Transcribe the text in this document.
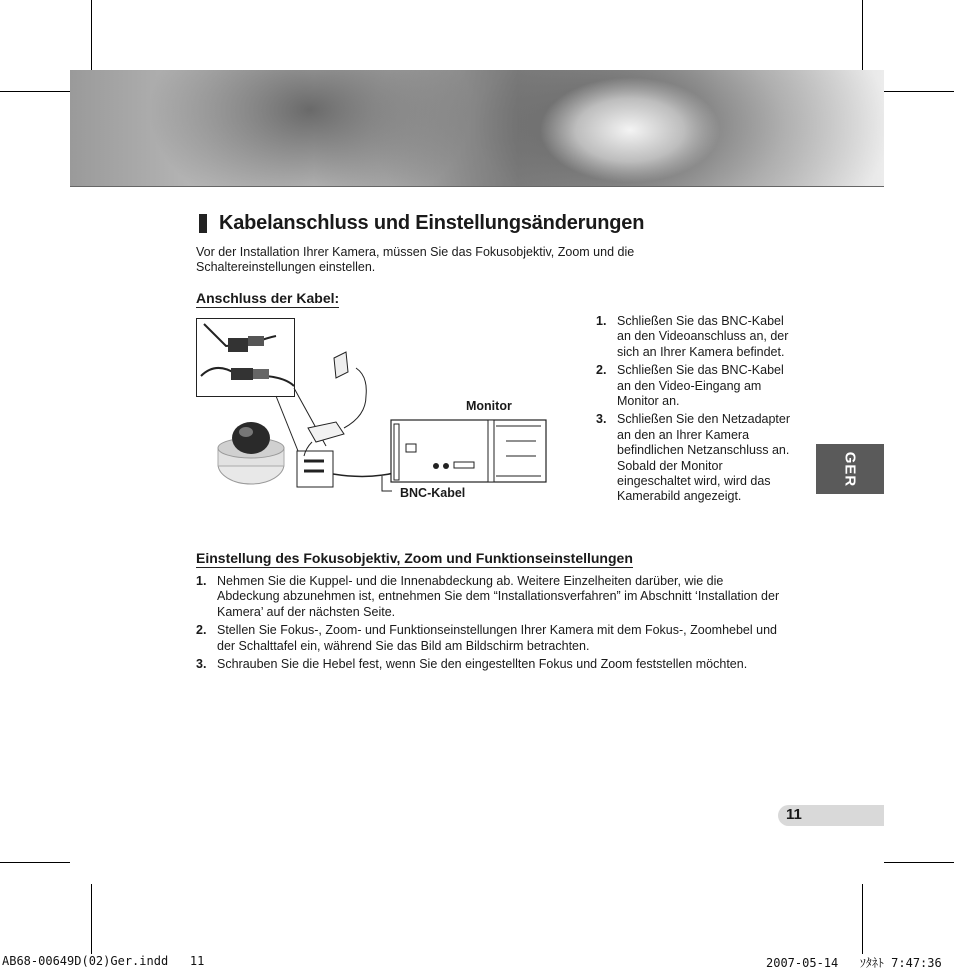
Kabelanschluss und Einstellungsänderungen
Vor der Installation Ihrer Kamera, müssen Sie das Fokusobjektiv, Zoom und die Schaltereinstellungen einstellen.
Anschluss der Kabel:
Monitor
BNC-Kabel
1. Schließen Sie das BNC-Kabel an den Videoanschluss an, der sich an Ihrer Kamera befindet.
2. Schließen Sie das BNC-Kabel an den Video-Eingang am Monitor an.
3. Schließen Sie den Netzadapter an den an Ihrer Kamera befindlichen Netzanschluss an. Sobald der Monitor eingeschaltet wird, wird das Kamerabild angezeigt.
Einstellung des Fokusobjektiv, Zoom und Funktionseinstellungen
1. Nehmen Sie die Kuppel- und die Innenabdeckung ab. Weitere Einzelheiten darüber, wie die Abdeckung abzunehmen ist, entnehmen Sie dem “Installationsverfahren” im Abschnitt ‘Installation der Kamera’ auf der nächsten Seite.
2. Stellen Sie Fokus-, Zoom- und Funktionseinstellungen Ihrer Kamera mit dem Fokus-, Zoomhebel und der Schalttafel ein, während Sie das Bild am Bildschirm betrachten.
3. Schrauben Sie die Hebel fest, wenn Sie den eingestellten Fokus und Zoom feststellen möchten.
GER
11
AB68-00649D(02)Ger.indd   11	2007-05-14   ｿﾀﾈﾄ 7:47:36
